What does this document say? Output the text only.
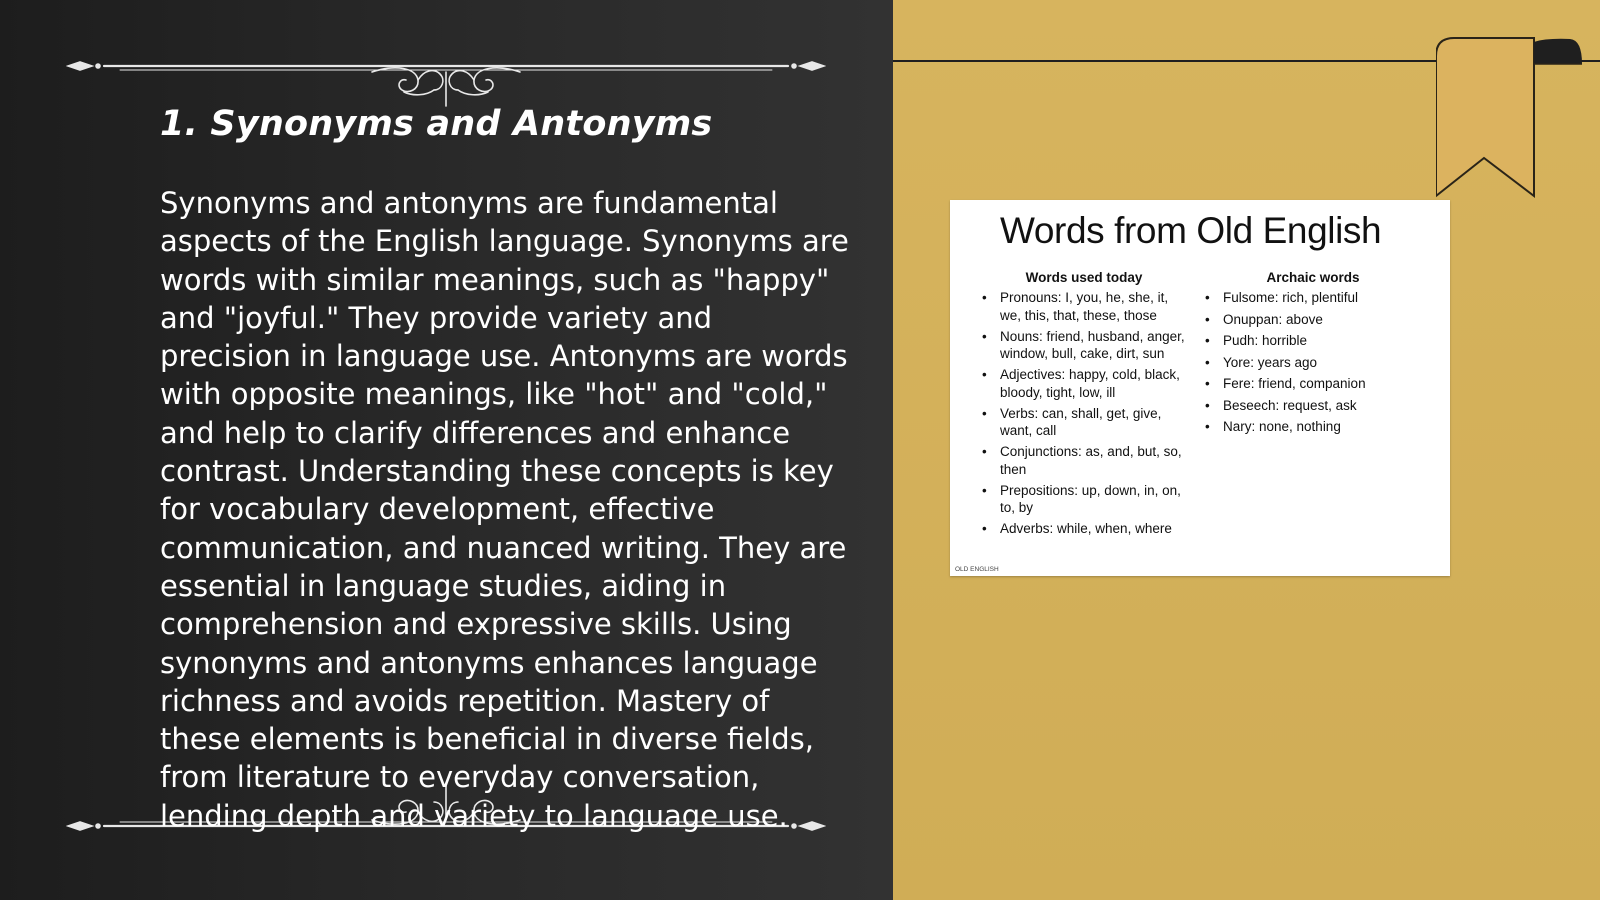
1. Synonyms and Antonyms

Synonyms and antonyms are fundamental aspects of the English language. Synonyms are words with similar meanings, such as "happy" and "joyful." They provide variety and precision in language use. Antonyms are words with opposite meanings, like "hot" and "cold," and help to clarify differences and enhance contrast. Understanding these concepts is key for vocabulary development, effective communication, and nuanced writing. They are essential in language studies, aiding in comprehension and expressive skills. Using synonyms and antonyms enhances language richness and avoids repetition. Mastery of these elements is beneficial in diverse fields, from literature to everyday conversation, lending depth and variety to language use.

Words from Old English

Words used today

• Pronouns: I, you, he, she, it, we, this, that, these, those
• Nouns: friend, husband, anger, window, bull, cake, dirt, sun
• Adjectives: happy, cold, black, bloody, tight, low, ill
• Verbs: can, shall, get, give, want, call
• Conjunctions: as, and, but, so, then
• Prepositions: up, down, in, on, to, by
• Adverbs: while, when, where

Archaic words

• Fulsome: rich, plentiful
• Onuppan: above
• Pudh: horrible
• Yore: years ago
• Fere: friend, companion
• Beseech: request, ask
• Nary: none, nothing
OLD ENGLISH
